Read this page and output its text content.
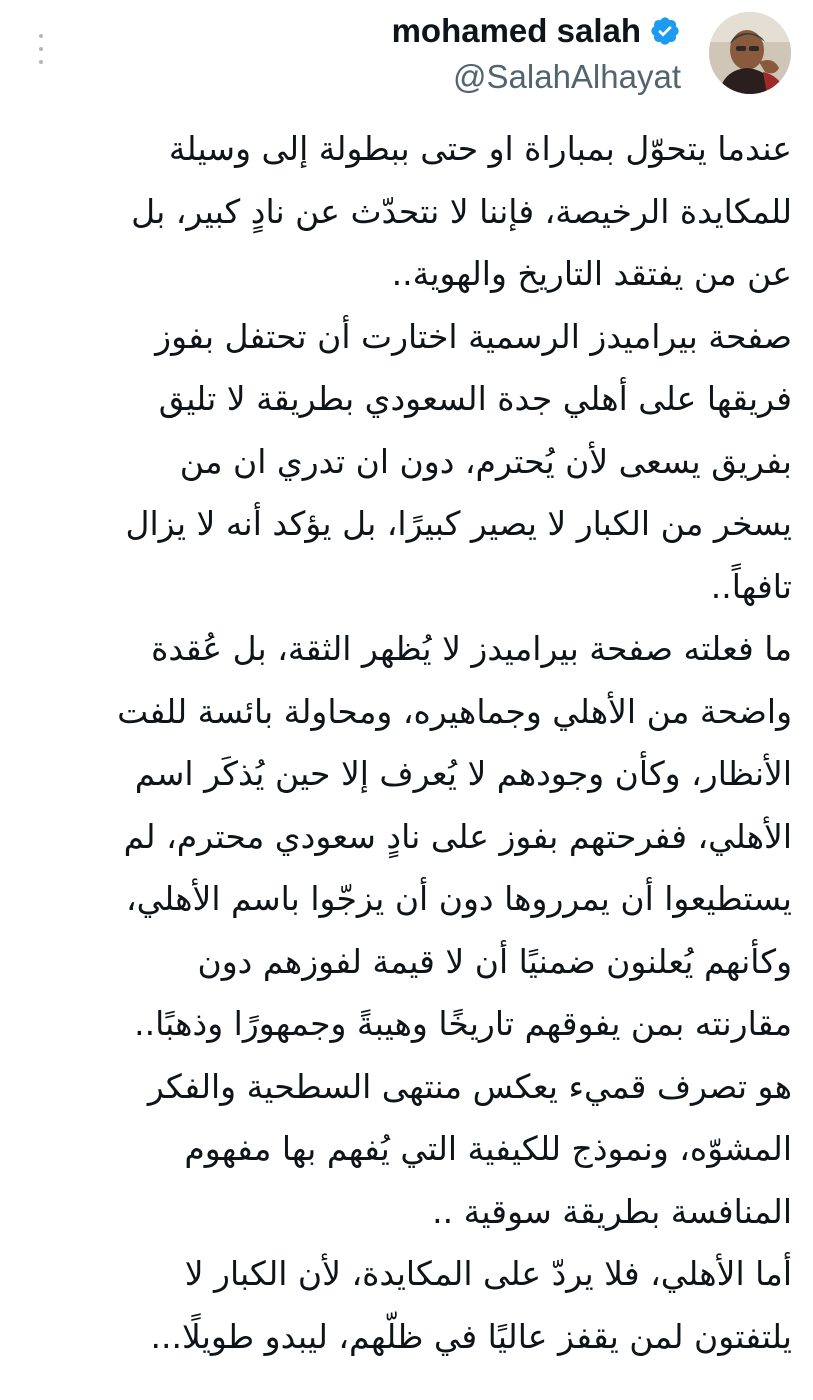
mohamed salah
@SalahAlhayat
عندما يتحوّل بمباراة او حتى ببطولة إلى وسيلة
للمكايدة الرخيصة، فإننا لا نتحدّث عن نادٍ كبير، بل
عن من يفتقد التاريخ والهوية..
صفحة بيراميدز الرسمية اختارت أن تحتفل بفوز
فريقها على أهلي جدة السعودي بطريقة لا تليق
بفريق يسعى لأن يُحترم، دون ان تدري ان من
يسخر من الكبار لا يصير كبيرًا، بل يؤكد أنه لا يزال
تافهاً..
ما فعلته صفحة بيراميدز لا يُظهر الثقة، بل عُقدة
واضحة من الأهلي وجماهيره، ومحاولة بائسة للفت
الأنظار، وكأن وجودهم لا يُعرف إلا حين يُذكَر اسم
الأهلي، ففرحتهم بفوز على نادٍ سعودي محترم، لم
يستطيعوا أن يمرروها دون أن يزجّوا باسم الأهلي،
وكأنهم يُعلنون ضمنيًا أن لا قيمة لفوزهم دون
مقارنته بمن يفوقهم تاريخًا وهيبةً وجمهورًا وذهبًا..
هو تصرف قميء يعكس منتهى السطحية والفكر
المشوّه، ونموذج للكيفية التي يُفهم بها مفهوم
المنافسة بطريقة سوقية ..
أما الأهلي، فلا يردّ على المكايدة، لأن الكبار لا
يلتفتون لمن يقفز عاليًا في ظلّهم، ليبدو طويلًا...
